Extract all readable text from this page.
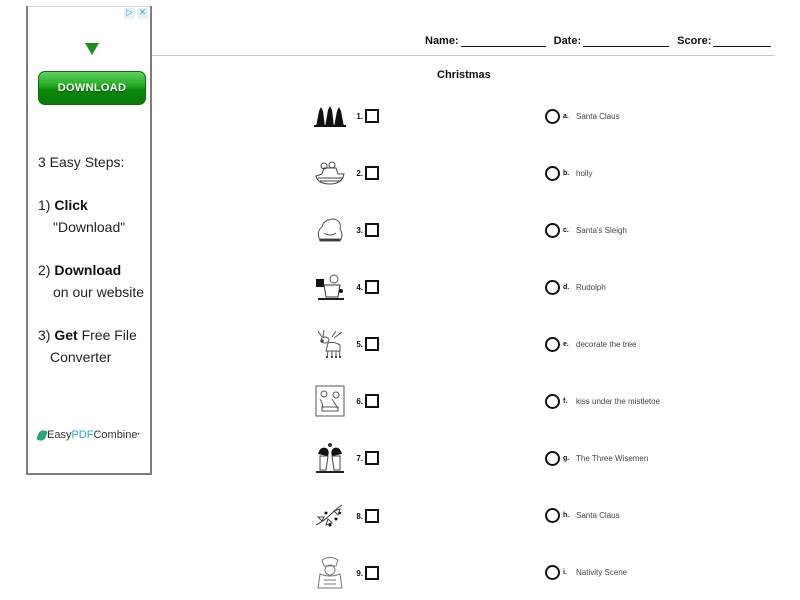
▷ ✕
DOWNLOAD
3 Easy Steps:
1) Click
"Download"
2) Download
on our website
3) Get Free File
Converter
Easy PDF Combine •
Name:	Date:	Score:
Christmas
1.
2.
3.
4.
5.
6.
7.
8.
9.
a. Santa Claus
b. holly
c. Santa's Sleigh
d. Rudolph
e. decorate the tree
f.	kiss under the mistletoe
g. The Three Wisemen
h. Santa Claus
i.	Nativity Scene
